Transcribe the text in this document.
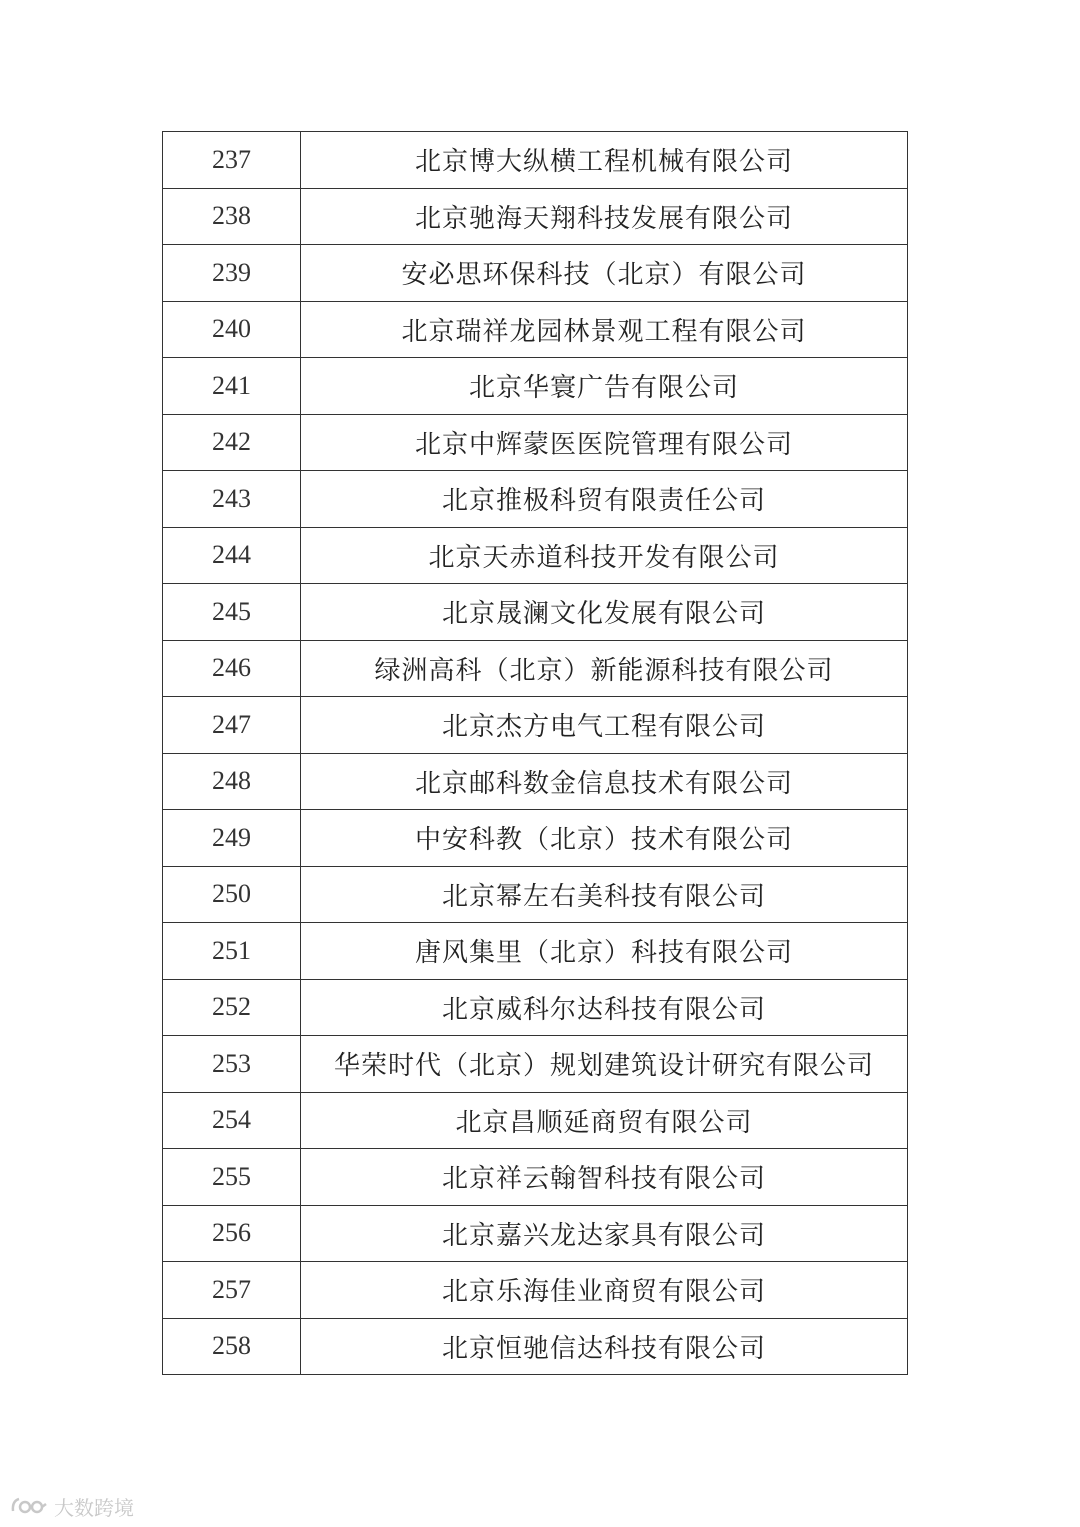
237	北京博大纵横工程机械有限公司
238	北京驰海天翔科技发展有限公司
239	安必思环保科技（北京）有限公司
240	北京瑞祥龙园林景观工程有限公司
241	北京华寰广告有限公司
242	北京中辉蒙医医院管理有限公司
243	北京推极科贸有限责任公司
244	北京天赤道科技开发有限公司
245	北京晟澜文化发展有限公司
246	绿洲高科（北京）新能源科技有限公司
247	北京杰方电气工程有限公司
248	北京邮科数金信息技术有限公司
249	中安科教（北京）技术有限公司
250	北京幂左右美科技有限公司
251	唐风集里（北京）科技有限公司
252	北京威科尔达科技有限公司
253	华荣时代（北京）规划建筑设计研究有限公司
254	北京昌顺延商贸有限公司
255	北京祥云翰智科技有限公司
256	北京嘉兴龙达家具有限公司
257	北京乐海佳业商贸有限公司
258	北京恒驰信达科技有限公司
大数跨境
